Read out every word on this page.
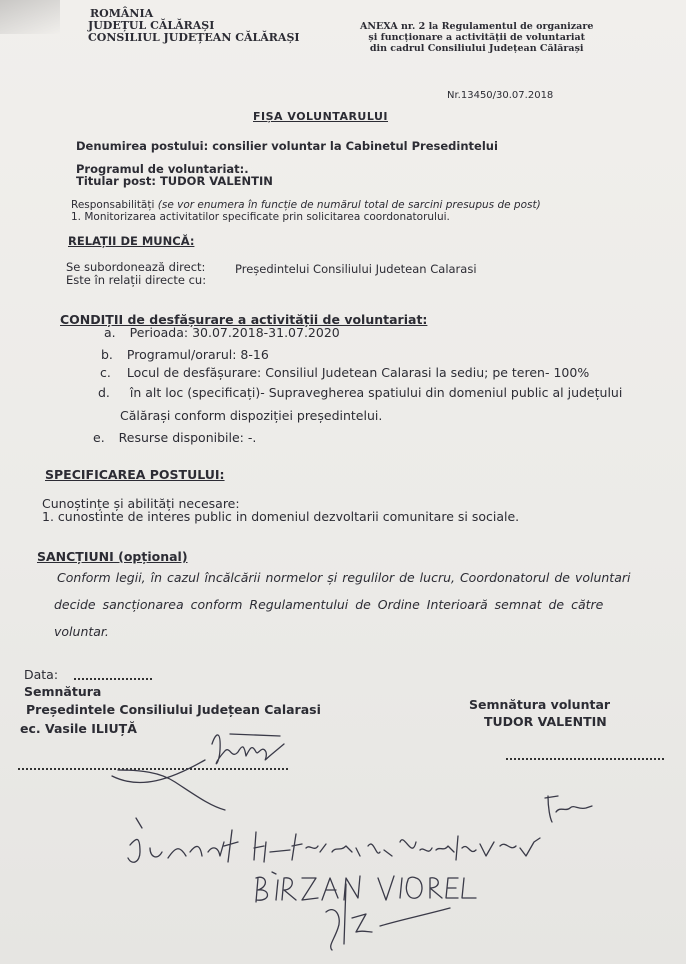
ROMÂNIA
JUDEȚUL CĂLĂRAȘI
CONSILIUL JUDEȚEAN CĂLĂRAȘI
ANEXA nr. 2 la Regulamentul de organizare
și funcționare a activității de voluntariat
din cadrul Consiliului Județean Călărași
Nr.13450/30.07.2018
FIȘA VOLUNTARULUI
Denumirea postului: consilier voluntar la Cabinetul Presedintelui
Programul de voluntariat:.
Titular post: TUDOR VALENTIN
Responsabilități (se vor enumera în funcție de numărul total de sarcini presupus de post)
1. Monitorizarea activitatilor specificate prin solicitarea coordonatorului.
RELAȚII DE MUNCĂ:
Se subordonează direct:	Președintelui Consiliului Judetean Calarasi
Este în relații directe cu:
CONDIȚII de desfășurare a activității de voluntariat:
a. Perioada: 30.07.2018-31.07.2020
b. Programul/orarul: 8-16
c. Locul de desfășurare: Consiliul Judetean Calarasi la sediu; pe teren- 100%
d. în alt loc (specificați)- Supravegherea spatiului din domeniul public al județului
Călărași conform dispoziției președintelui.
e. Resurse disponibile: -.
SPECIFICAREA POSTULUI:
Cunoștințe și abilități necesare:
1. cunostinte de interes public in domeniul dezvoltarii comunitare si sociale.
SANCȚIUNI (opțional)
Conform legii, în cazul încălcării normelor și regulilor de lucru, Coordonatorul de voluntari
decide sancționarea conform Regulamentului de Ordine Interioară semnat de către
voluntar.
Data:
Semnătura
Președintele Consiliului Județean Calarasi
ec. Vasile ILIUȚĂ
Semnătura voluntar
TUDOR VALENTIN
